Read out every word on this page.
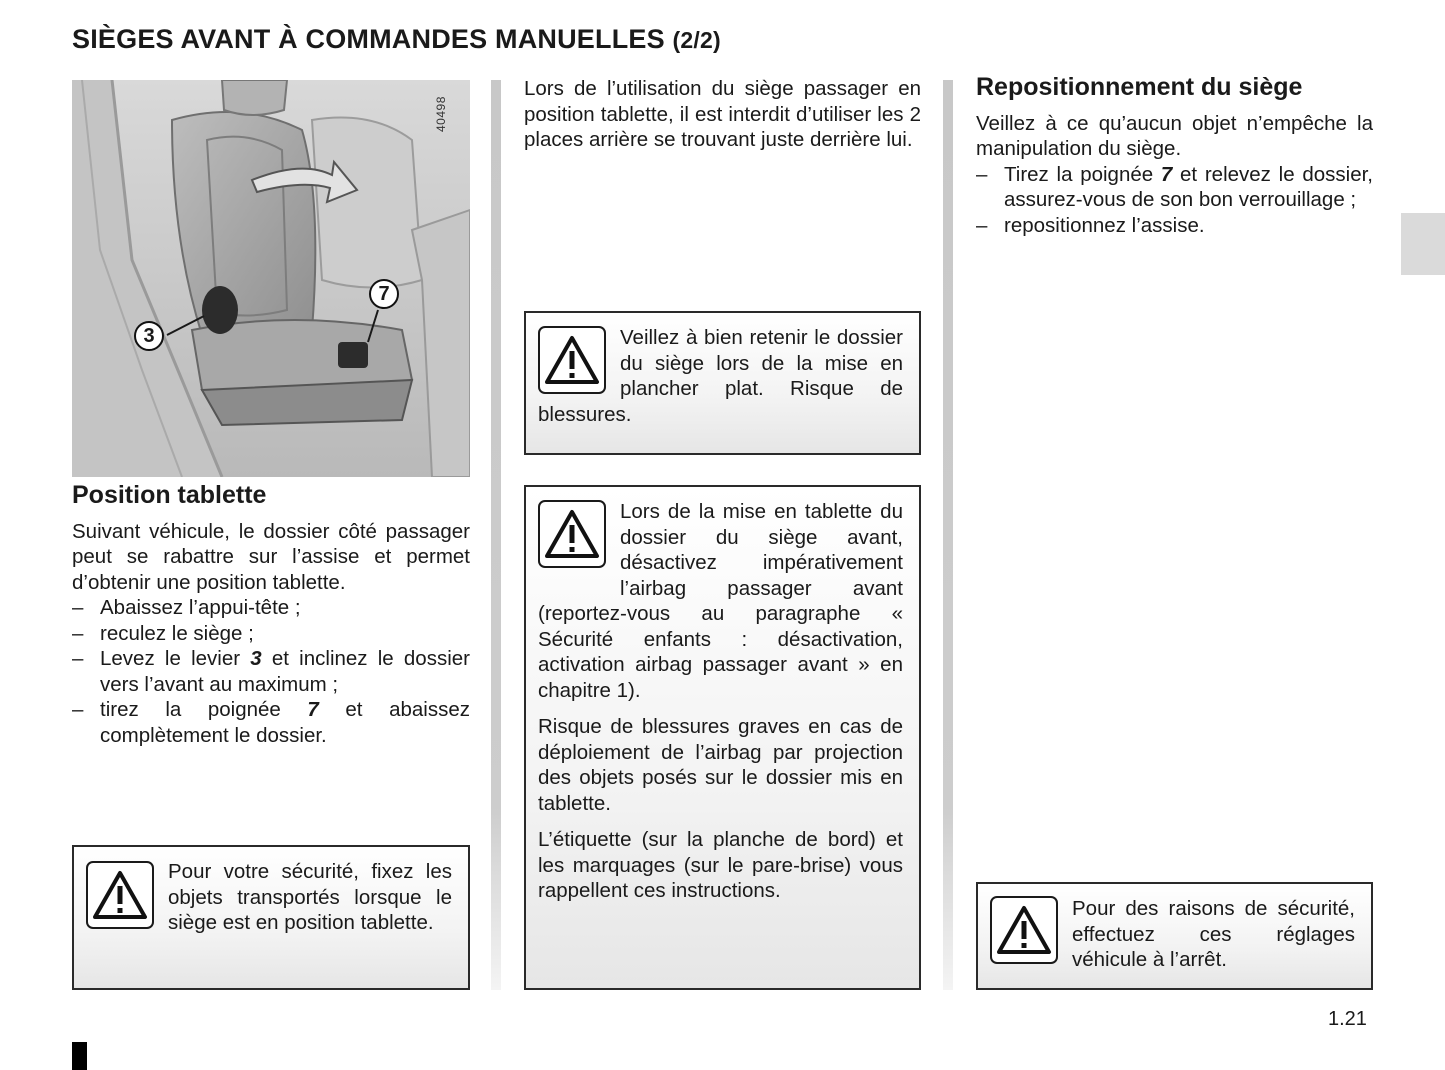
SIÈGES AVANT À COMMANDES MANUELLES (2/2)
40498
3
7
Position tablette
Suivant véhicule, le dossier côté passager peut se rabattre sur l’assise et permet d’obtenir une position tablette.
– Abaissez l’appui-tête ;
– reculez le siège ;
– Levez le levier 3 et inclinez le dossier vers l’avant au maximum ;
– tirez la poignée 7 et abaissez complètement le dossier.

Pour votre sécurité, fixez les objets transportés lorsque le siège est en position tablette.

Lors de l’utilisation du siège passager en position tablette, il est interdit d’utiliser les 2 places arrière se trouvant juste derrière lui.

Veillez à bien retenir le dossier du siège lors de la mise en plancher plat. Risque de blessures.

Lors de la mise en tablette du dossier du siège avant, désactivez impérativement l’airbag passager avant (reportez-vous au paragraphe « Sécurité enfants : désactivation, activation airbag passager avant » en chapitre 1).

Risque de blessures graves en cas de déploiement de l’airbag par projection des objets posés sur le dossier mis en tablette.

L’étiquette (sur la planche de bord) et les marquages (sur le pare-brise) vous rappellent ces instructions.

Repositionnement du siège
Veillez à ce qu’aucun objet n’empêche la manipulation du siège.
– Tirez la poignée 7 et relevez le dossier, assurez-vous de son bon verrouillage ;
– repositionnez l’assise.

Pour des raisons de sécurité, effectuez ces réglages véhicule à l’arrêt.

1.21
